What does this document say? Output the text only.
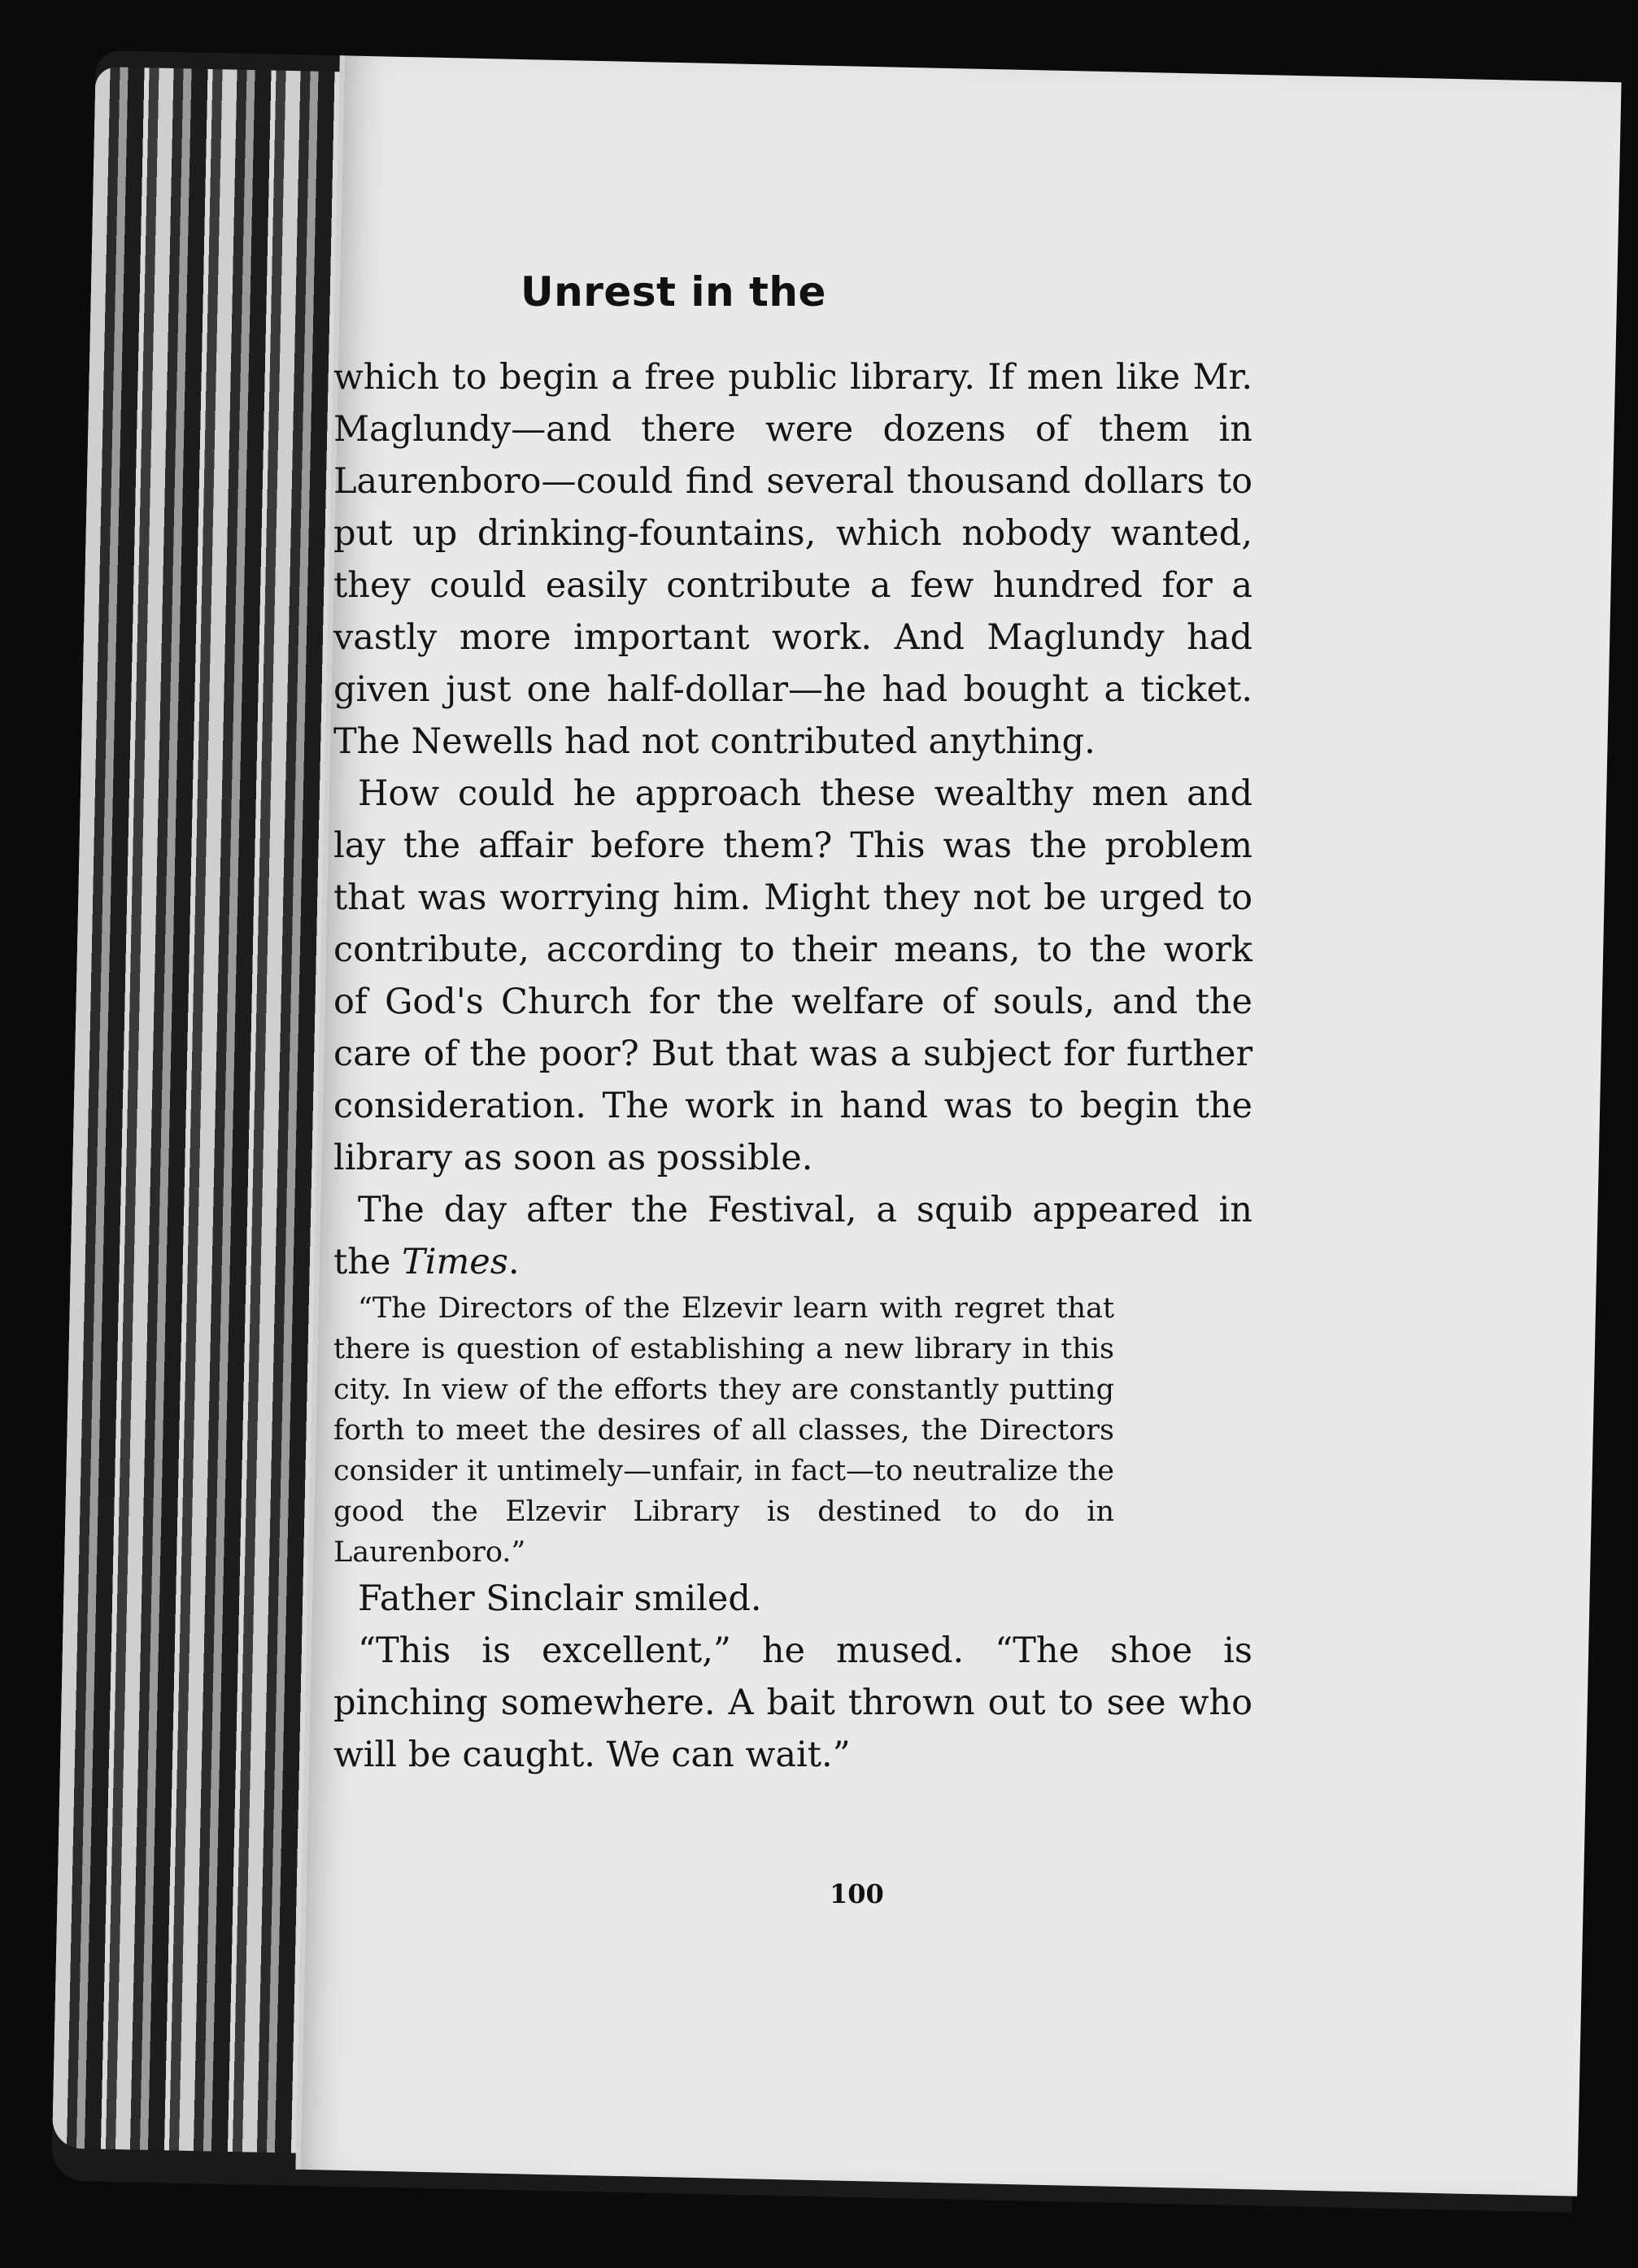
Unrest in the

which to begin a free public library. If men like Mr. Maglundy—and there were dozens of them in Laurenboro—could find several thousand dollars to put up drinking-fountains, which nobody wanted, they could easily contribute a few hundred for a vastly more important work. And Maglundy had given just one half-dollar—he had bought a ticket. The Newells had not contributed anything.

How could he approach these wealthy men and lay the affair before them? This was the problem that was worrying him. Might they not be urged to contribute, according to their means, to the work of God's Church for the welfare of souls, and the care of the poor? But that was a subject for further consideration. The work in hand was to begin the library as soon as possible.

The day after the Festival, a squib appeared in the Times.

“The Directors of the Elzevir learn with regret that there is question of establishing a new library in this city. In view of the efforts they are constantly putting forth to meet the desires of all classes, the Directors consider it untimely—unfair, in fact—to neutralize the good the Elzevir Library is destined to do in Laurenboro.”

Father Sinclair smiled.

“This is excellent,” he mused. “The shoe is pinching somewhere. A bait thrown out to see who will be caught. We can wait.”

100
